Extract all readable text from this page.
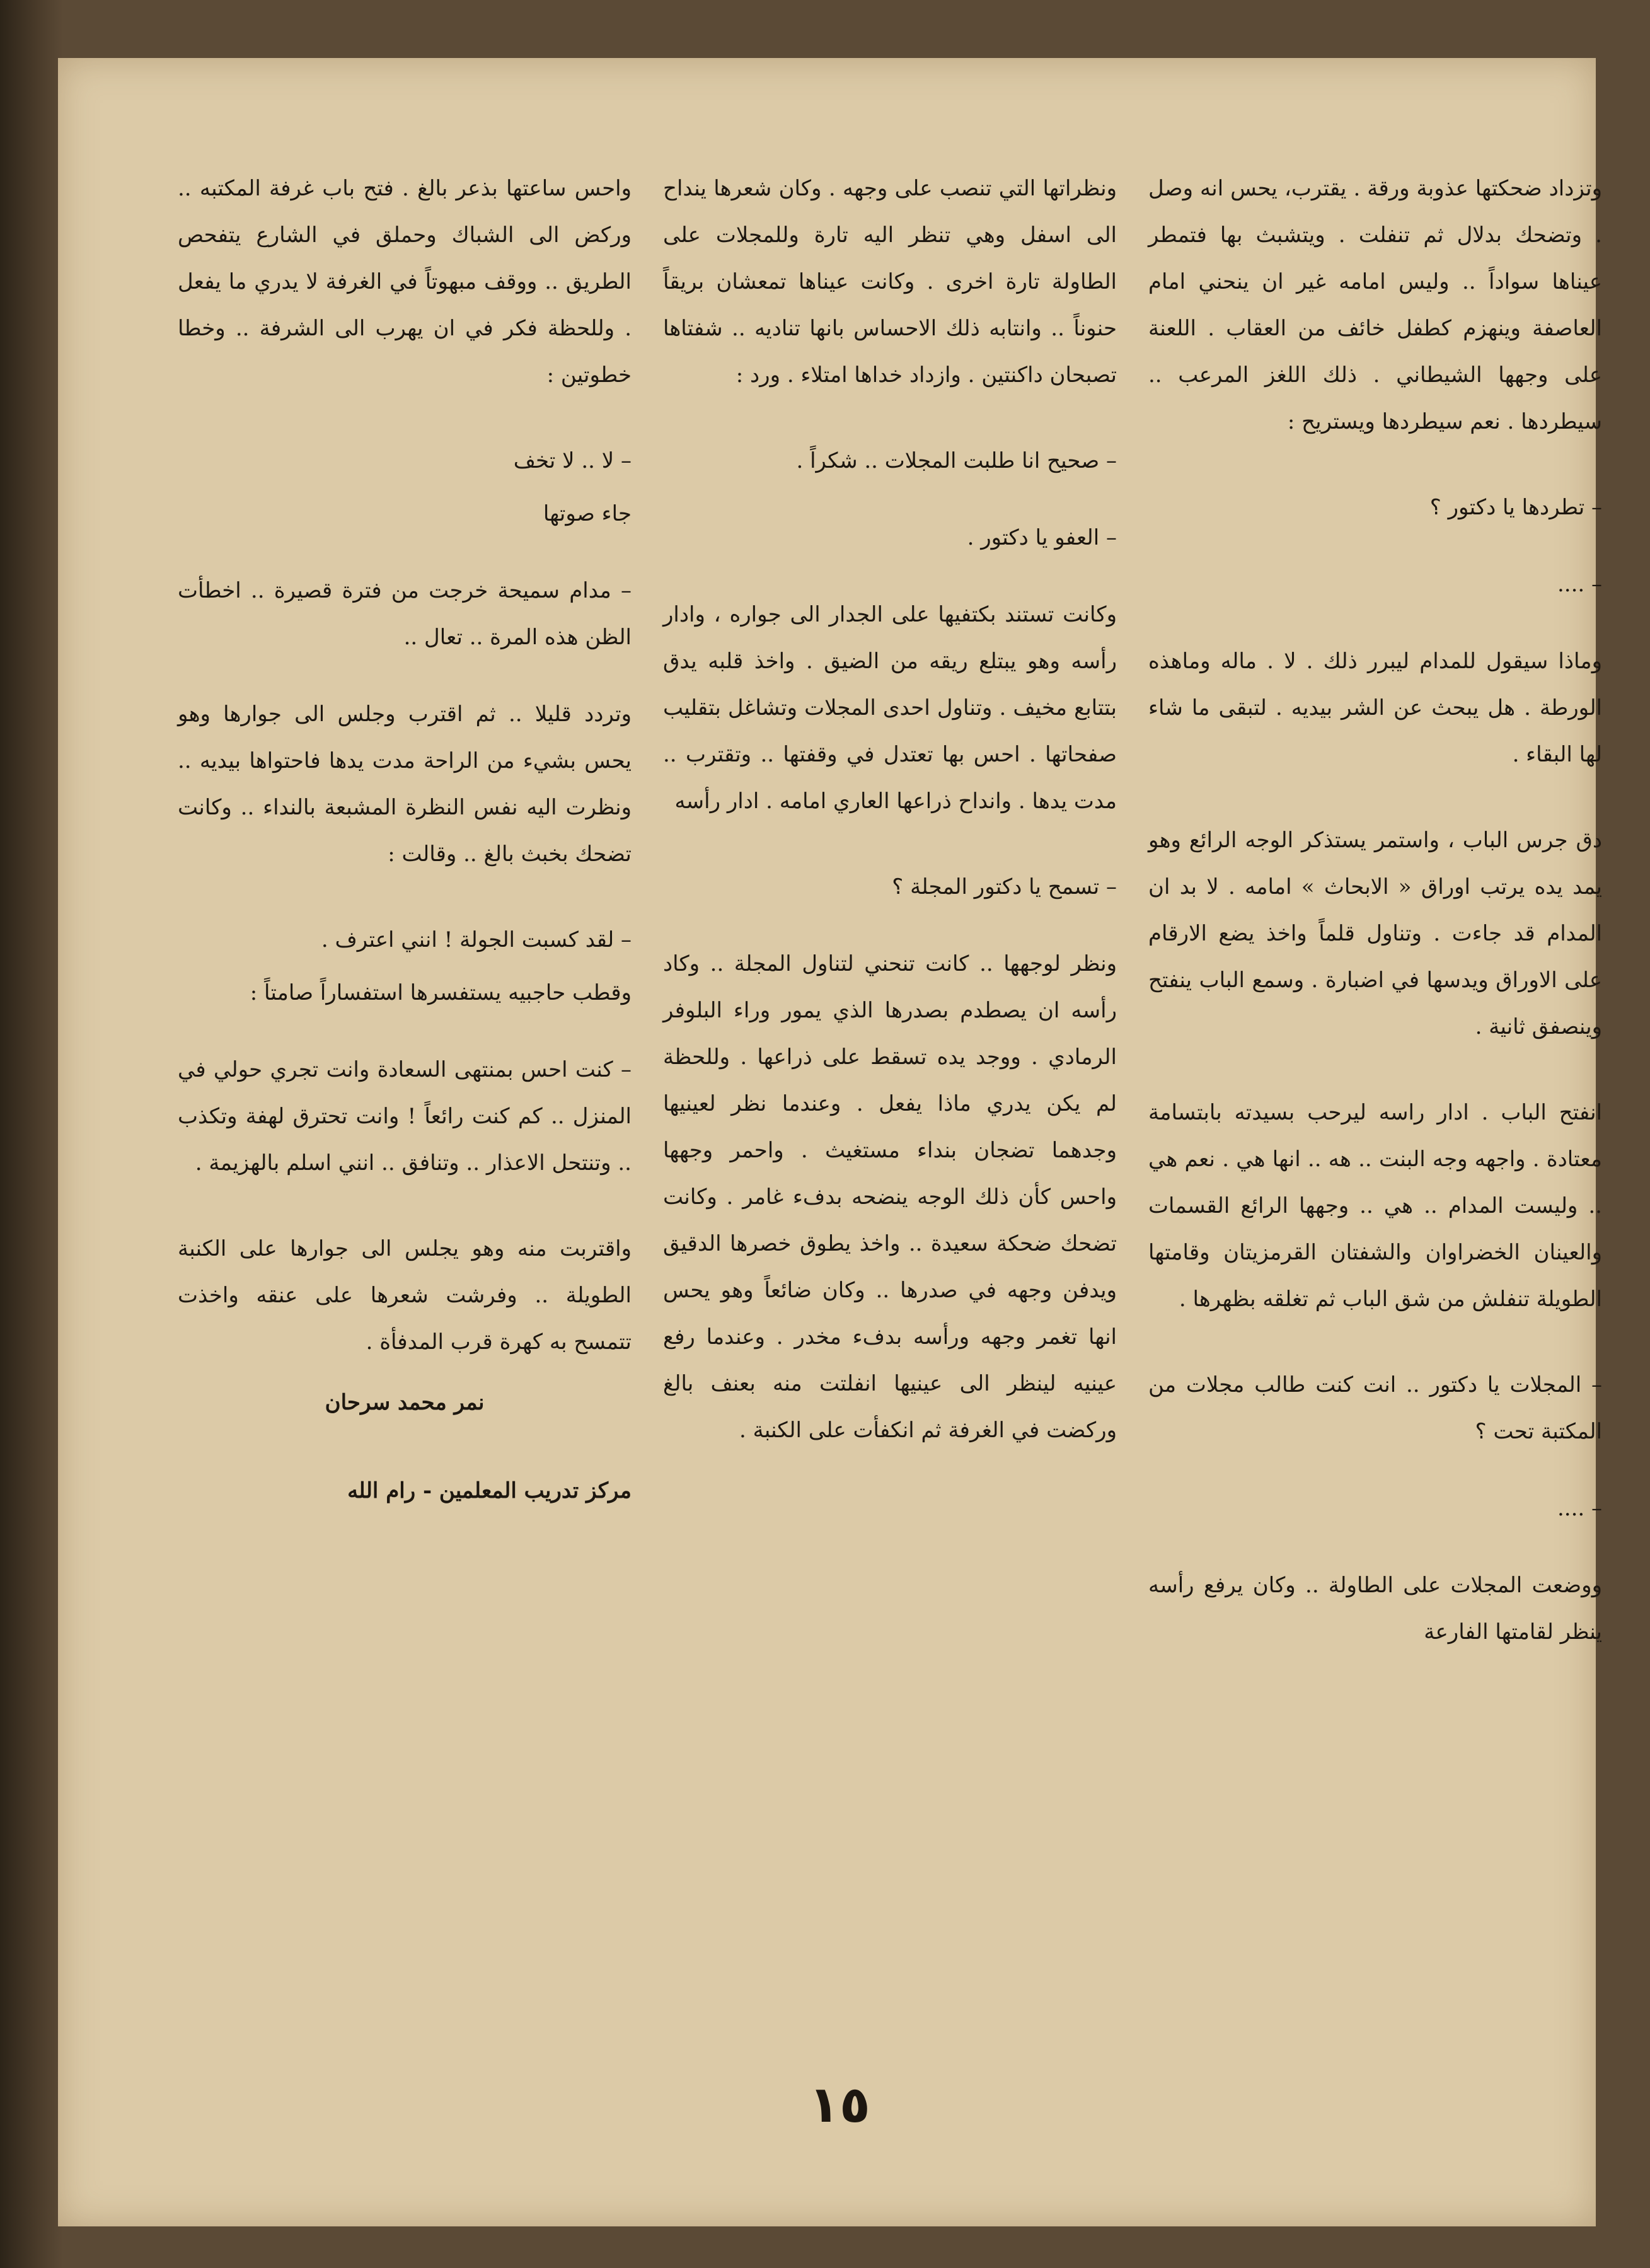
وتزداد ضحكتها عذوبة ورقة . يقترب، يحس انه وصل . وتضحك بدلال ثم تنفلت . ويتشبث بها فتمطر عيناها سواداً .. وليس امامه غير ان ينحني امام العاصفة وينهزم كطفل خائف من العقاب . اللعنة على وجهها الشيطاني . ذلك اللغز المرعب .. سيطردها . نعم سيطردها ويستريح :

– تطردها يا دكتور ؟

– ....

وماذا سيقول للمدام ليبرر ذلك . لا . ماله وماهذه الورطة . هل يبحث عن الشر بيديه . لتبقى ما شاء لها البقاء .

دق جرس الباب ، واستمر يستذكر الوجه الرائع وهو يمد يده يرتب اوراق « الابحاث » امامه . لا بد ان المدام قد جاءت . وتناول قلماً واخذ يضع الارقام على الاوراق ويدسها في اضبارة . وسمع الباب ينفتح وينصفق ثانية .

انفتح الباب . ادار راسه ليرحب بسيدته بابتسامة معتادة . واجهه وجه البنت .. هه .. انها هي . نعم هي .. وليست المدام .. هي .. وجهها الرائع القسمات والعينان الخضراوان والشفتان القرمزيتان وقامتها الطويلة تنفلش من شق الباب ثم تغلقه بظهرها .

– المجلات يا دكتور .. انت كنت طالب مجلات من المكتبة تحت ؟

– ....

ووضعت المجلات على الطاولة .. وكان يرفع رأسه ينظر لقامتها الفارعة

ونظراتها التي تنصب على وجهه . وكان شعرها ينداح الى اسفل وهي تنظر اليه تارة وللمجلات على الطاولة تارة اخرى . وكانت عيناها تمعشان بريقاً حنوناً .. وانتابه ذلك الاحساس بانها تناديه .. شفتاها تصبحان داكنتين . وازداد خداها امتلاء . ورد :

– صحيح انا طلبت المجلات .. شكراً .

– العفو يا دكتور .

وكانت تستند بكتفيها على الجدار الى جواره ، وادار رأسه وهو يبتلع ريقه من الضيق . واخذ قلبه يدق بتتابع مخيف . وتناول احدى المجلات وتشاغل بتقليب صفحاتها . احس بها تعتدل في وقفتها .. وتقترب .. مدت يدها . وانداح ذراعها العاري امامه . ادار رأسه

– تسمح يا دكتور المجلة ؟

ونظر لوجهها .. كانت تنحني لتناول المجلة .. وكاد رأسه ان يصطدم بصدرها الذي يمور وراء البلوفر الرمادي . ووجد يده تسقط على ذراعها . وللحظة لم يكن يدري ماذا يفعل . وعندما نظر لعينيها وجدهما تضجان بنداء مستغيث . واحمر وجهها واحس كأن ذلك الوجه ينضحه بدفء غامر . وكانت تضحك ضحكة سعيدة .. واخذ يطوق خصرها الدقيق ويدفن وجهه في صدرها .. وكان ضائعاً وهو يحس انها تغمر وجهه ورأسه بدفء مخدر . وعندما رفع عينيه لينظر الى عينيها انفلتت منه بعنف بالغ وركضت في الغرفة ثم انكفأت على الكنبة .

واحس ساعتها بذعر بالغ . فتح باب غرفة المكتبه .. وركض الى الشباك وحملق في الشارع يتفحص الطريق .. ووقف مبهوتاً في الغرفة لا يدري ما يفعل . وللحظة فكر في ان يهرب الى الشرفة .. وخطا خطوتين :

– لا .. لا تخف

جاء صوتها

– مدام سميحة خرجت من فترة قصيرة .. اخطأت الظن هذه المرة .. تعال ..

وتردد قليلا .. ثم اقترب وجلس الى جوارها وهو يحس بشيء من الراحة مدت يدها فاحتواها بيديه .. ونظرت اليه نفس النظرة المشبعة بالنداء .. وكانت تضحك بخبث بالغ .. وقالت :

– لقد كسبت الجولة ! انني اعترف .

وقطب حاجبيه يستفسرها استفساراً صامتاً :

– كنت احس بمنتهى السعادة وانت تجري حولي في المنزل .. كم كنت رائعاً ! وانت تحترق لهفة وتكذب .. وتنتحل الاعذار .. وتنافق .. انني اسلم بالهزيمة .

واقتربت منه وهو يجلس الى جوارها على الكنبة الطويلة .. وفرشت شعرها على عنقه واخذت تتمسح به كهرة قرب المدفأة .

نمر محمد سرحان

مركز تدريب المعلمين - رام الله

١٥
